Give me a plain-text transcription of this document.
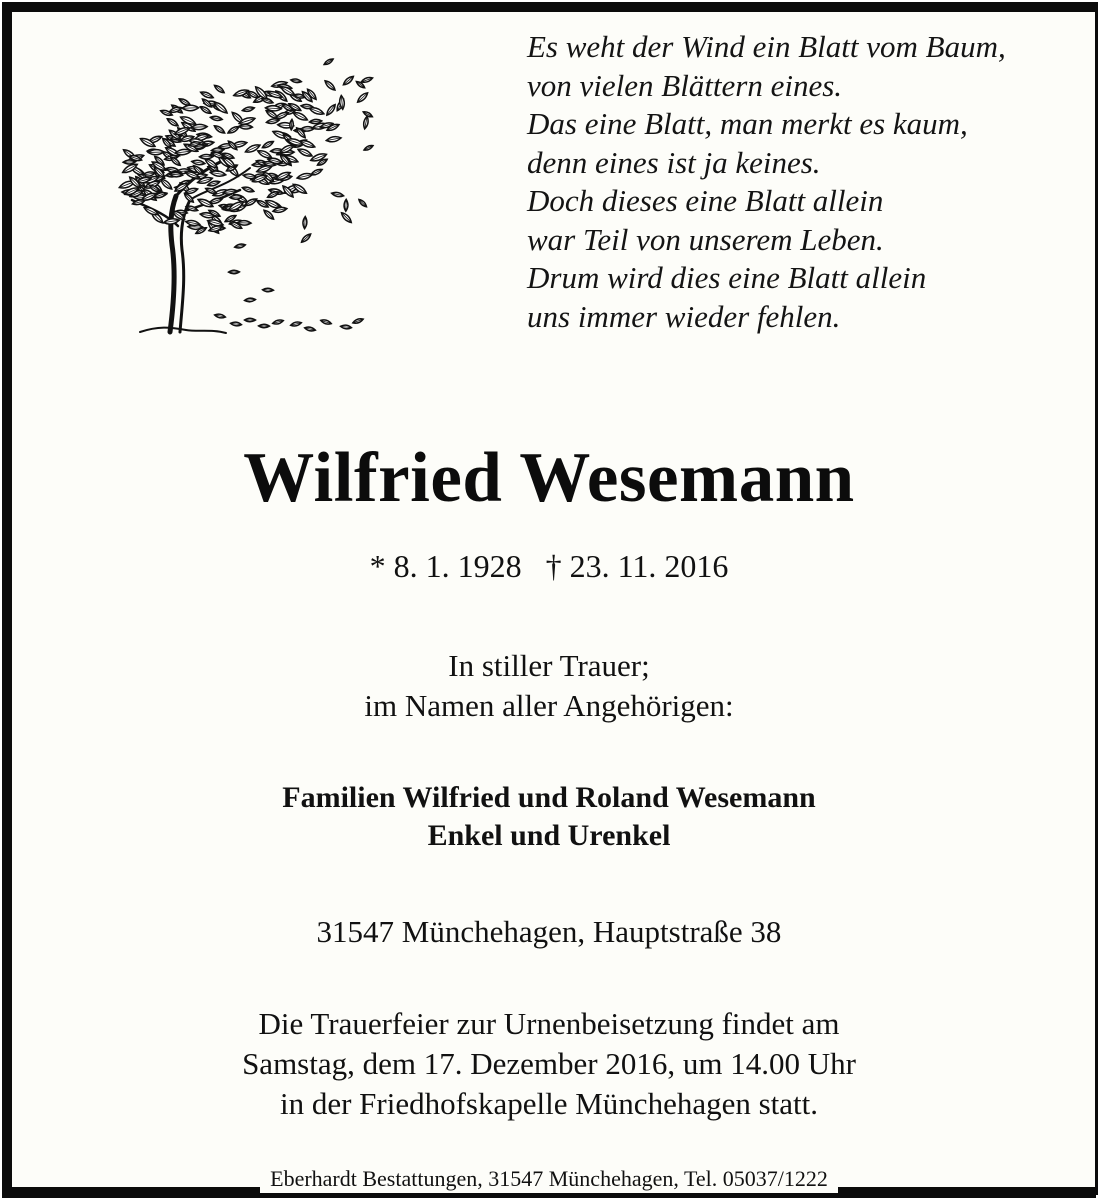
Es weht der Wind ein Blatt vom Baum,
von vielen Blättern eines.
Das eine Blatt, man merkt es kaum,
denn eines ist ja keines.
Doch dieses eine Blatt allein
war Teil von unserem Leben.
Drum wird dies eine Blatt allein
uns immer wieder fehlen.
Wilfried Wesemann
* 8. 1. 1928   † 23. 11. 2016
In stiller Trauer;
im Namen aller Angehörigen:
Familien Wilfried und Roland Wesemann
Enkel und Urenkel
31547 Münchehagen, Hauptstraße 38
Die Trauerfeier zur Urnenbeisetzung findet am
Samstag, dem 17. Dezember 2016, um 14.00 Uhr
in der Friedhofskapelle Münchehagen statt.
Eberhardt Bestattungen, 31547 Münchehagen, Tel. 05037/1222
